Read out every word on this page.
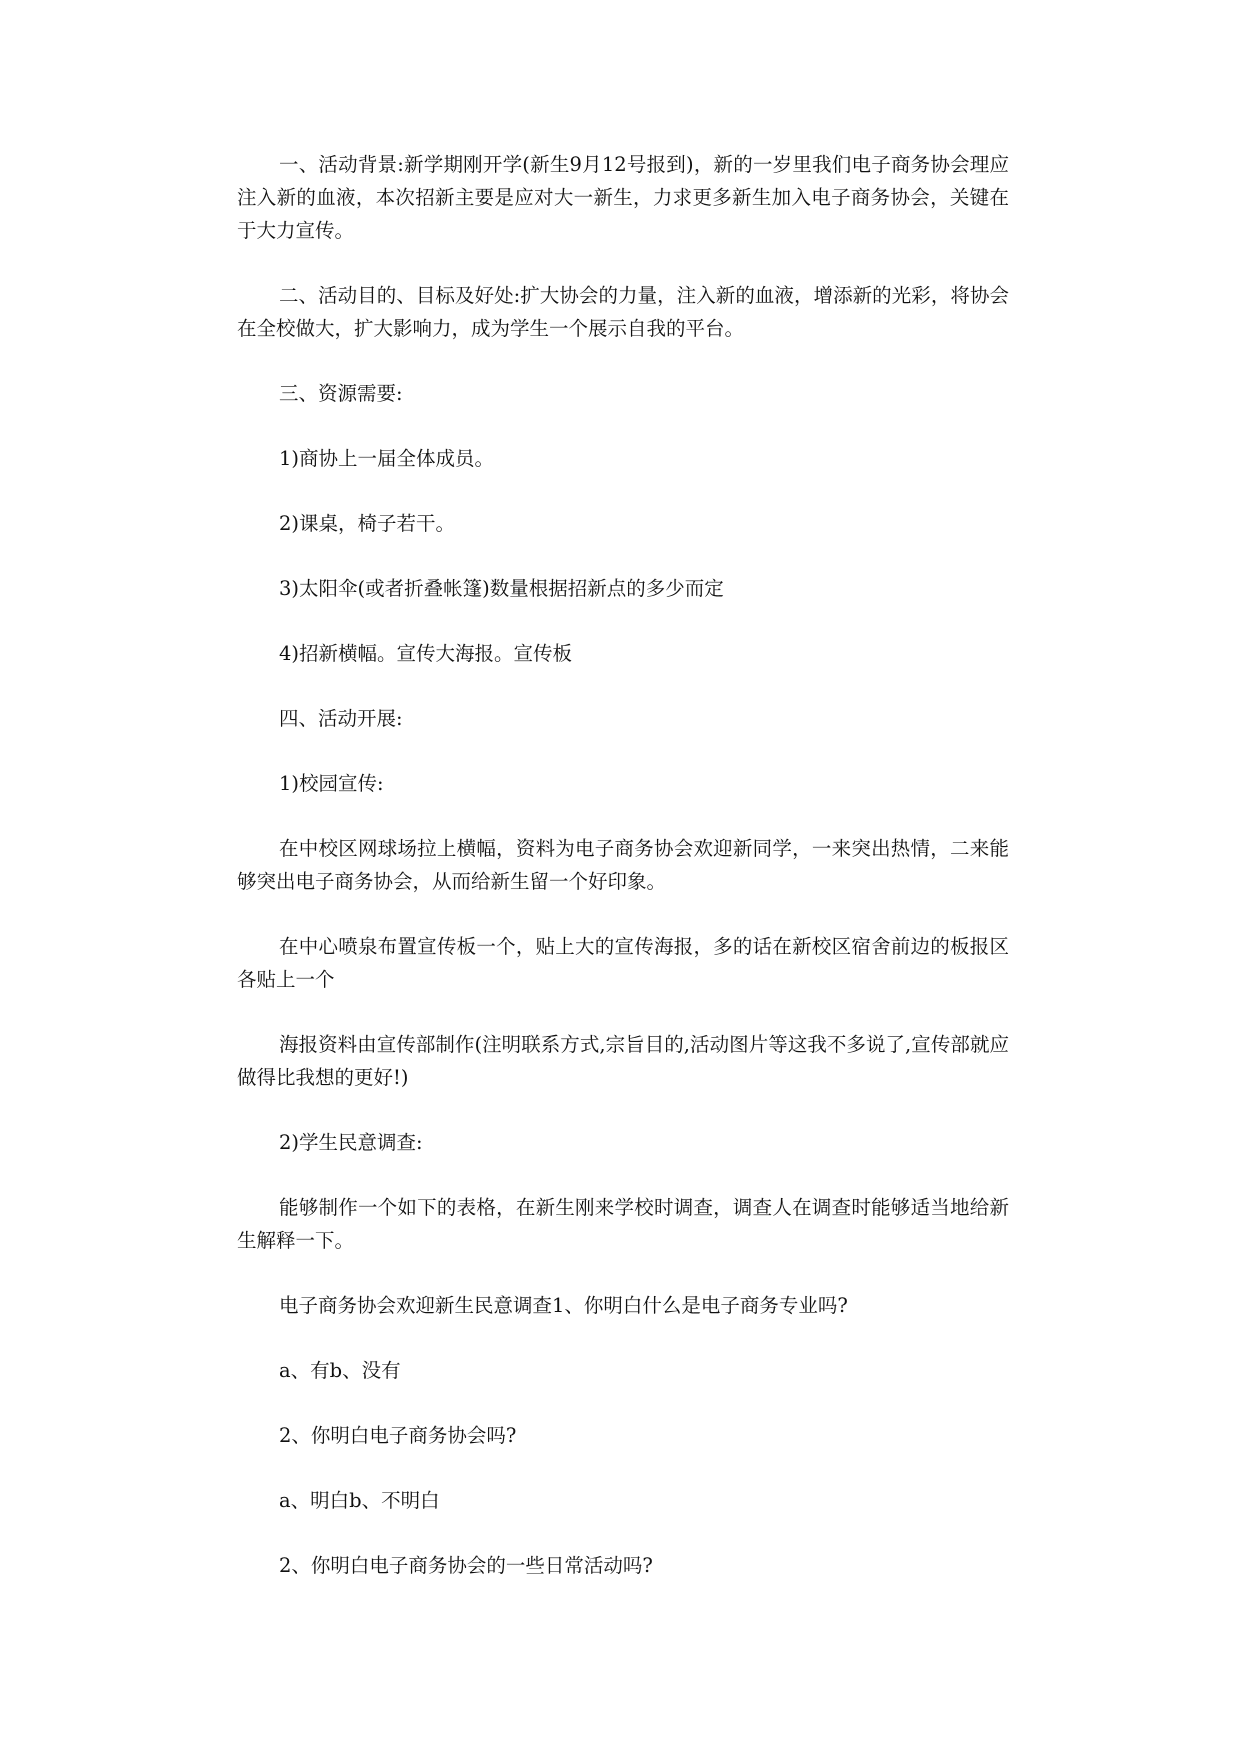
一、活动背景:新学期刚开学(新生9月12号报到)，新的一岁里我们电子商务协会理应注入新的血液，本次招新主要是应对大一新生，力求更多新生加入电子商务协会，关键在于大力宣传。

二、活动目的、目标及好处:扩大协会的力量，注入新的血液，增添新的光彩，将协会在全校做大，扩大影响力，成为学生一个展示自我的平台。

三、资源需要:

1)商协上一届全体成员。

2)课桌，椅子若干。

3)太阳伞(或者折叠帐篷)数量根据招新点的多少而定

4)招新横幅。宣传大海报。宣传板

四、活动开展:

1)校园宣传:

在中校区网球场拉上横幅，资料为电子商务协会欢迎新同学，一来突出热情，二来能够突出电子商务协会，从而给新生留一个好印象。

在中心喷泉布置宣传板一个，贴上大的宣传海报，多的话在新校区宿舍前边的板报区各贴上一个

海报资料由宣传部制作(注明联系方式,宗旨目的,活动图片等这我不多说了,宣传部就应做得比我想的更好!)

2)学生民意调查:

能够制作一个如下的表格，在新生刚来学校时调查，调查人在调查时能够适当地给新生解释一下。

电子商务协会欢迎新生民意调查1、你明白什么是电子商务专业吗?

a、有b、没有

2、你明白电子商务协会吗?

a、明白b、不明白

2、你明白电子商务协会的一些日常活动吗?
